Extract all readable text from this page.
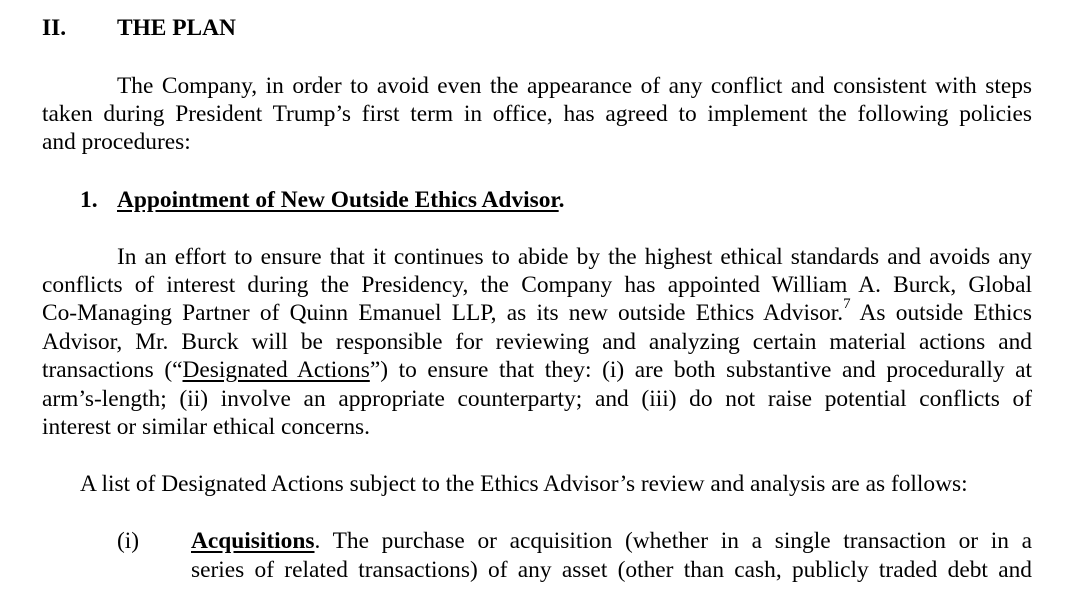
II. THE PLAN
The Company, in order to avoid even the appearance of any conflict and consistent with steps
taken during President Trump’s first term in office, has agreed to implement the following policies
and procedures:
1. Appointment of New Outside Ethics Advisor.
In an effort to ensure that it continues to abide by the highest ethical standards and avoids any
conflicts of interest during the Presidency, the Company has appointed William A. Burck, Global
Co-Managing Partner of Quinn Emanuel LLP, as its new outside Ethics Advisor.$^7$ As outside Ethics
Advisor, Mr. Burck will be responsible for reviewing and analyzing certain material actions and
transactions (“Designated Actions”) to ensure that they: (i) are both substantive and procedurally at
arm’s-length; (ii) involve an appropriate counterparty; and (iii) do not raise potential conflicts of
interest or similar ethical concerns.
A list of Designated Actions subject to the Ethics Advisor’s review and analysis are as follows:
(i) Acquisitions. The purchase or acquisition (whether in a single transaction or in a
series of related transactions) of any asset (other than cash, publicly traded debt and
